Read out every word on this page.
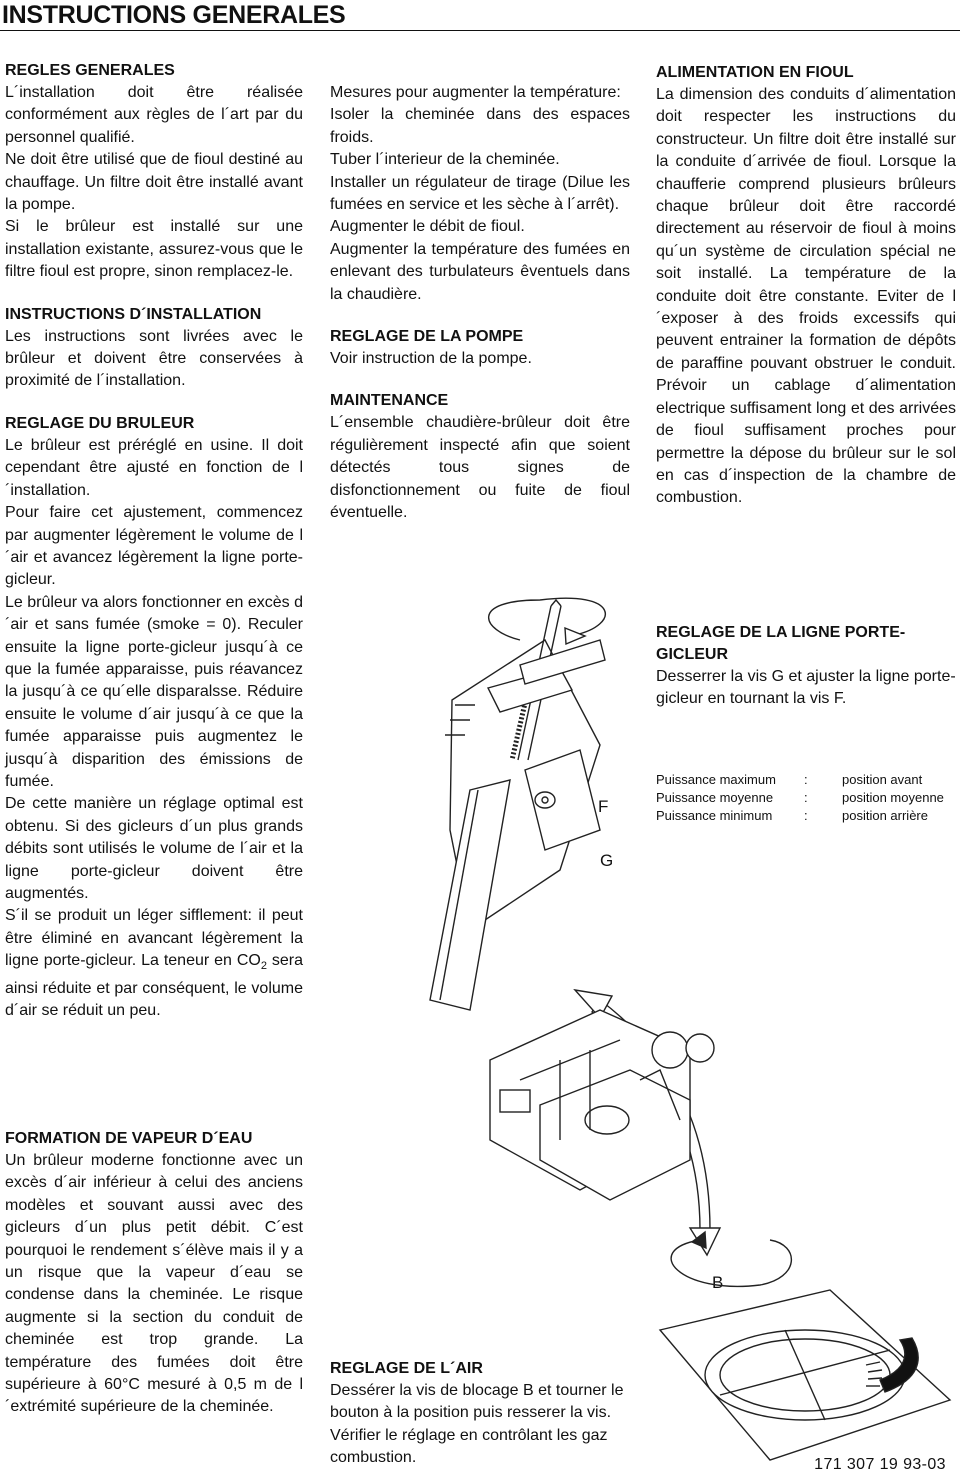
INSTRUCTIONS GENERALES
REGLES GENERALES

L´installation doit être réalisée conformément aux règles de l´art par du personnel qualifié.

Ne doit être utilisé que de fioul destiné au chauffage. Un filtre doit être installé avant la pompe.

Si le brûleur est installé sur une installation existante, assurez-vous que le filtre fioul est propre, sinon remplacez-le.

INSTRUCTIONS D´INSTALLATION

Les instructions sont livrées avec le brûleur et doivent être conservées à proximité de l´installation.

REGLAGE DU BRULEUR

Le brûleur est préréglé en usine. Il doit cependant être ajusté en fonction de l´installation.

Pour faire cet ajustement, commencez par augmenter légèrement le volume de l´air et avancez légèrement la ligne porte-gicleur.

Le brûleur va alors fonctionner en excès d´air et sans fumée (smoke = 0). Reculer ensuite la ligne porte-gicleur jusqu´à ce que la fumée apparaisse, puis réavancez la jusqu´à ce qu´elle disparalsse. Réduire ensuite le volume d´air jusqu´à ce que la fumée apparaisse puis augmentez le jusqu´à disparition des émissions de fumée.

De cette manière un réglage optimal est obtenu. Si des gicleurs d´un plus grands débits sont utilisés le volume de l´air et la ligne porte-gicleur doivent être augmentés.

S´il se produit un léger sifflement: il peut être éliminé en avancant légèrement la ligne porte-gicleur. La teneur en $CO_2$ sera ainsi réduite et par conséquent, le volume d´air se réduit un peu.

FORMATION DE VAPEUR D´EAU

Un brûleur moderne fonctionne avec un excès d´air inférieur à celui des anciens modèles et souvant aussi avec des gicleurs d´un plus petit débit. C´est pourquoi le rendement s´élève mais il y a un risque que la vapeur d´eau se condense dans la cheminée. Le risque augmente si la section du conduit de cheminée est trop grande. La température des fumées doit être supérieure à 60°C mesuré à 0,5 m de l´extrémité supérieure de la cheminée.

Mesures pour augmenter la température:

Isoler la cheminée dans des espaces froids.

Tuber l´interieur de la cheminée.

Installer un régulateur de tirage (Dilue les fumées en service et les sèche à l´arrêt).

Augmenter le débit de fioul.

Augmenter la température des fumées en enlevant des turbulateurs êventuels dans la chaudière.

REGLAGE DE LA POMPE

Voir instruction de la pompe.

MAINTENANCE

L´ensemble chaudière-brûleur doit être régulièrement inspecté afin que soient détectés tous signes de disfonctionnement ou fuite de fioul éventuelle.

REGLAGE DE L´AIR

Dessérer la vis de blocage B et tourner le bouton à la position puis resserer la vis. Vérifier le réglage en contrôlant les gaz combustion.

ALIMENTATION EN FIOUL

La dimension des conduits d´alimentation doit respecter les instructions du constructeur. Un filtre doit être installé sur la conduite d´arrivée de fioul. Lorsque la chaufferie comprend plusieurs brûleurs chaque brûleur doit être raccordé directement au réservoir de fioul à moins qu´un système de circulation spécial ne soit installé. La température de la conduite doit être constante. Eviter de l´exposer à des froids excessifs qui peuvent entrainer la formation de dépôts de paraffine pouvant obstruer le conduit. Prévoir un cablage d´alimentation electrique suffisament long et des arrivées de fioul suffisament proches pour permettre la dépose du brûleur sur le sol en cas d´inspection de la chambre de combustion.

REGLAGE DE LA LIGNE PORTE-GICLEUR

Desserrer la vis G et ajuster la ligne porte-gicleur en tournant la vis F.

Puissance maximum	:	position avant
Puissance moyenne	:	position moyenne
Puissance minimum	:	position arrière
F
G
B
171 307 19 93-03
